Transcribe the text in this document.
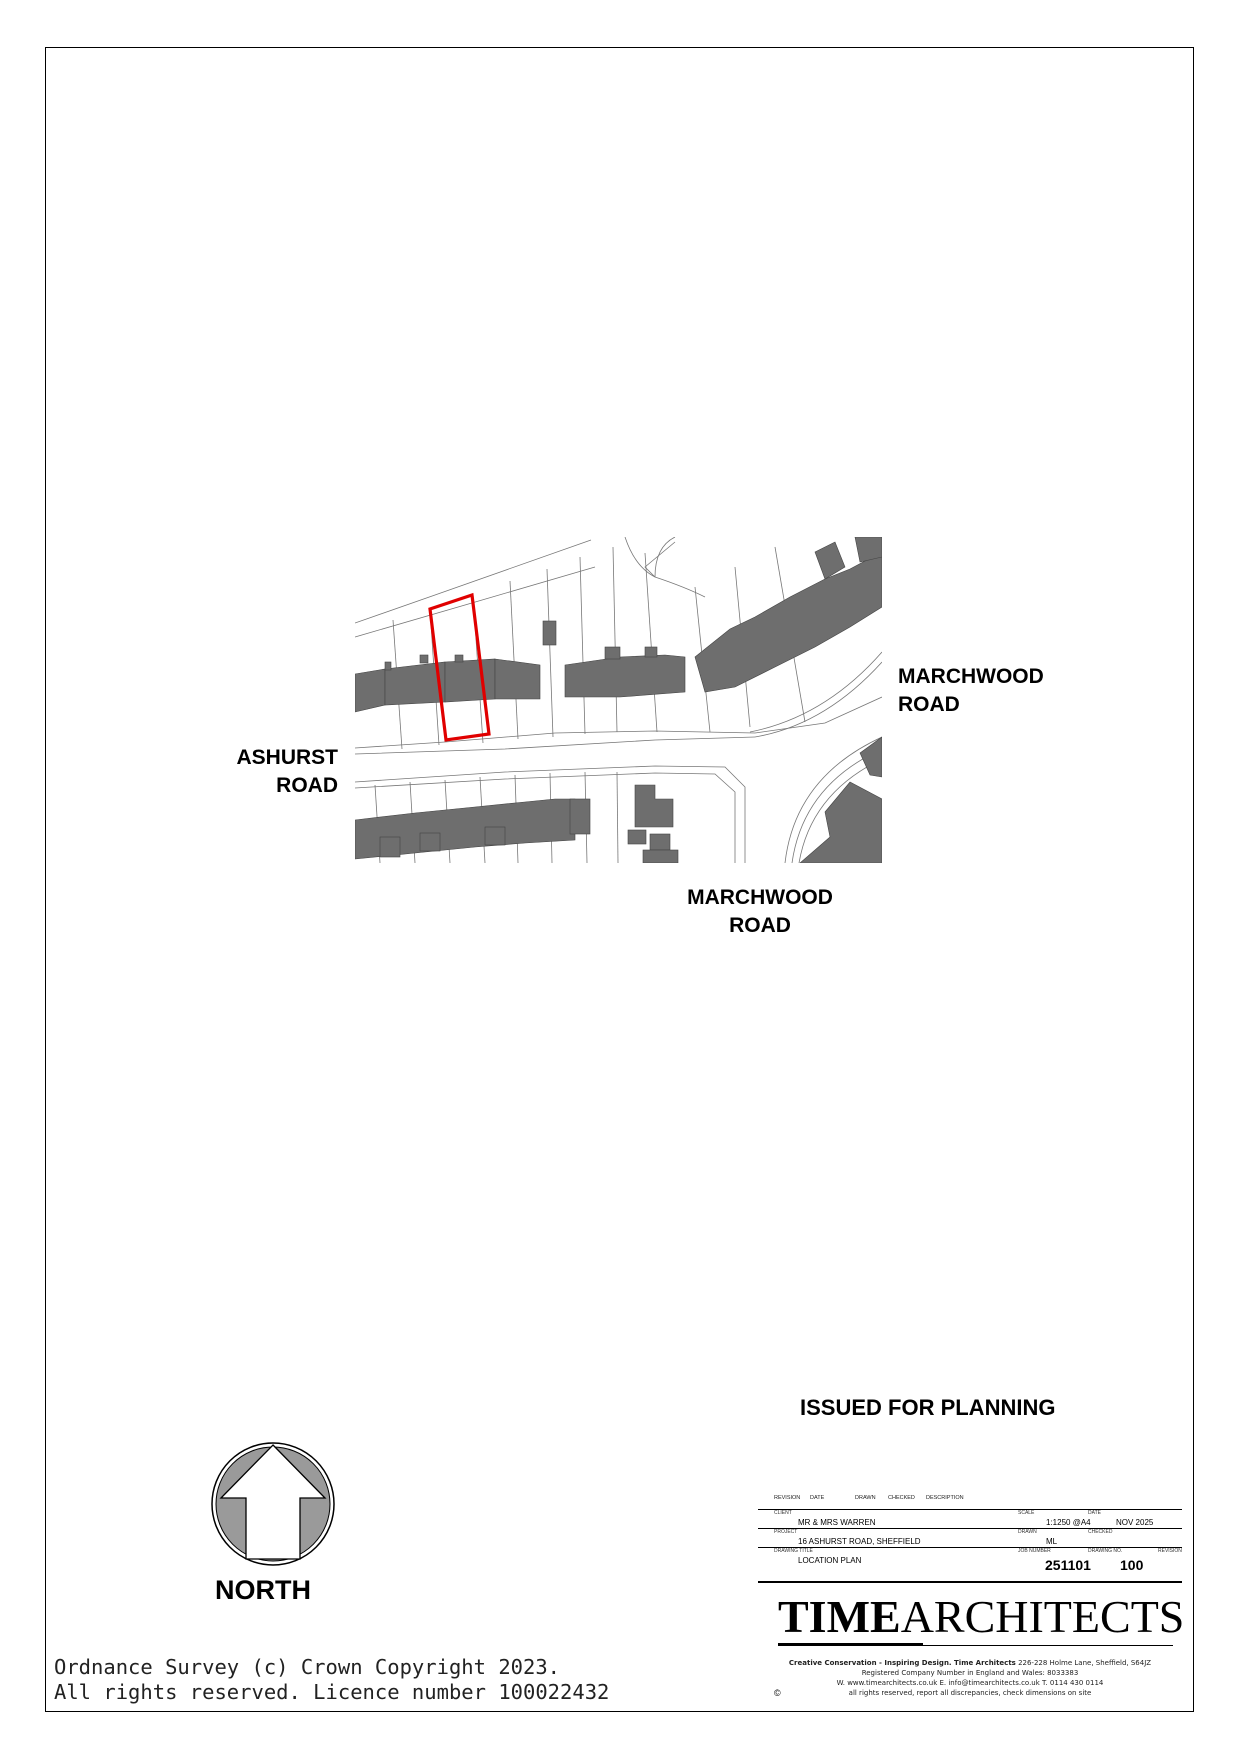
MARCHWOOD
ROAD
ASHURST
ROAD
MARCHWOOD
ROAD
ISSUED FOR PLANNING
NORTH
Ordnance Survey (c) Crown Copyright 2023.
All rights reserved. Licence number 100022432
REVISION DATE	DRAWN CHECKED DESCRIPTION
CLIENT
MR & MRS WARREN
SCALE
1:1250 @A4
DATE
NOV 2025
PROJECT
16 ASHURST ROAD, SHEFFIELD
DRAWN
ML
CHECKED
DRAWING TITLE
LOCATION PLAN
JOB NUMBER
251101
DRAWING NO.
100
REVISION
TIMEARCHITECTS
Creative Conservation - Inspiring Design. Time Architects 226-228 Holme Lane, Sheffield, S64JZ
Registered Company Number in England and Wales: 8033383
W. www.timearchitects.co.uk E. info@timearchitects.co.uk T. 0114 430 0114
all rights reserved, report all discrepancies, check dimensions on site
©
